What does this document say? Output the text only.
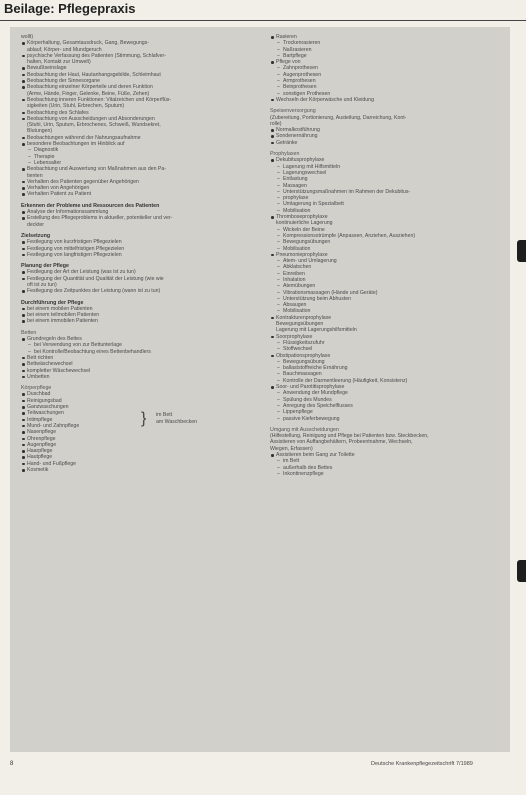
Beilage: Pflegepraxis
wollt)
Körperhaltung, Gesamtausdruck, Gang, Bewegungs-
ablauf, Körper- und Mundgeruch
psychische Verfassung des Patienten (Stimmung, Schlafver-
halten, Kontakt zur Umwelt)
Bewußtseinslage
Beobachtung der Haut, Hautanhangsgebilde, Schleimhaut
Beobachtung der Sinnesorgane
Beobachtung einzelner Körperteile und deren Funktion
(Arme, Hände, Finger, Gelenke, Beine, Füße, Zehen)
Beobachtung inneren Funktionen: Vitalzeichen und Körperflüs-
sigkeiten (Urin, Stuhl, Erbrechen, Sputum)
Beobachtung des Schlafes
Beobachtung von Ausscheidungen und Absonderungen
(Stuhl, Urin, Sputum, Erbrochenes, Schweiß, Wundsekret,
Blutungen)
Beobachtungen während der Nahrungsaufnahme
besondere Beobachtungen im Hinblick auf
– Diagnostik
– Therapie
– Lebensalter
Beobachtung und Auswertung von Maßnahmen aus den Pa-
tienten
Verhalten des Patienten gegenüber Angehörigen
Verhalten von Angehörigen
Verhalten Patient zu Patient
Erkennen der Probleme und Ressourcen des Patienten
Analyse der Informationssammlung
Erstellung des Pflegeproblems in aktueller, potentieller und ver-
deckter
Zielsetzung
Festlegung von kurzfristigen Pflegezielen
Festlegung von mittelfristigen Pflegezielen
Festlegung von langfristigen Pflegezielen
Planung der Pflege
Festlegung der Art der Leistung (was ist zu tun)
Festlegung der Quantität und Qualität der Leistung (wie wie
oft ist zu tun)
Festlegung des Zeitpunktes der Leistung (wann ist zu tun)
Durchführung der Pflege
bei einem mobilen Patienten
bei einem teilmobilen Patienten
bei einem immobilen Patienten
Betten
Grundregeln des Bettes
– bei Verwendung von zur Bettunterlage
– bei Kontrolle/Beobachtung eines Bettenbehandlers
Bett richten
Bettwäschewechsel
kompletter Wäschewechsel
Umbetten
Körperpflege
Duschbad
Reinigungsbad
Ganzwaschungen
Teilwaschungen
Intimpflege
Mund- und Zahnpflege
Nasenpflege
Ohrenpflege
Augenpflege
Haarpflege
Hautpflege
Hand- und Fußpflege
Kosmetik
} im Bett
am Waschbecken
Rasieren
– Trockenrasieren
– Naßrasieren
– Bartpflege
Pflege von
– Zahnprothesen
– Augenprothesen
– Armprothesen
– Beinprothesen
– sonstigen Prothesen
Wechseln der Körperwäsche und Kleidung
Speisenversorgung
(Zubereitung, Portionierung, Austeilung, Darreichung, Kont-
rolle)
Normalkostführung
Sondenernährung
Getränke
Prophylaxen
Dekubitusprophylaxe
– Lagerung mit Hilfsmitteln
– Lagerungswechsel
– Entlastung
– Massagen
– Unterstützungsmaßnahmen im Rahmen der Dekubitus-
– prophylaxe
– Umlagerung in Spezialbett
– Mobilisation
Thromboseprophylaxe
kontinuierliche Lagerung
– Wickeln der Beine
– Kompressionsstrümpfe (Anpassen, Anziehen, Ausziehen)
– Bewegungsübungen
– Mobilisation
Pneumonieprophylaxe
– Atem- und Umlagerung
– Abklatschen
– Einreiben
– Inhalation
– Atemübungen
– Vibrationsmassagen (Hände und Geräte)
– Unterstützung beim Abhusten
– Absaugen
– Mobilisation
Kontrakturenprophylaxe
Bewegungsübungen
Lagerung mit Lagerungshilfsmitteln
Soorprophylaxe
– Flüssigkeitszufuhr
– Stoffwechsel
Obstipationsprophylaxe
– Bewegungsübung
– ballaststoffreiche Ernährung
– Bauchmassagen
– Kontrolle der Darmentleerung (Häufigkeit, Konsistenz)
Soor- und Parotitisprophylaxe
– Anwendung der Mundpflege
– Spülung des Mundes
– Anregung des Speichelflusses
– Lippenpflege
– passive Kieferbewegung
Umgang mit Ausscheidungen
(Hilfestellung, Reinigung und Pflege bei Patienten bzw. Steckbecken,
Assistieren von Auffangbehältern, Probeentnahme, Wechseln,
Wiegen, Erfassen)
Assistieren beim Gang zur Toilette
– im Bett
– außerhalb des Bettes
– Inkontinenzpflege
8	Deutsche Krankenpflegezeitschrift 7/1989
